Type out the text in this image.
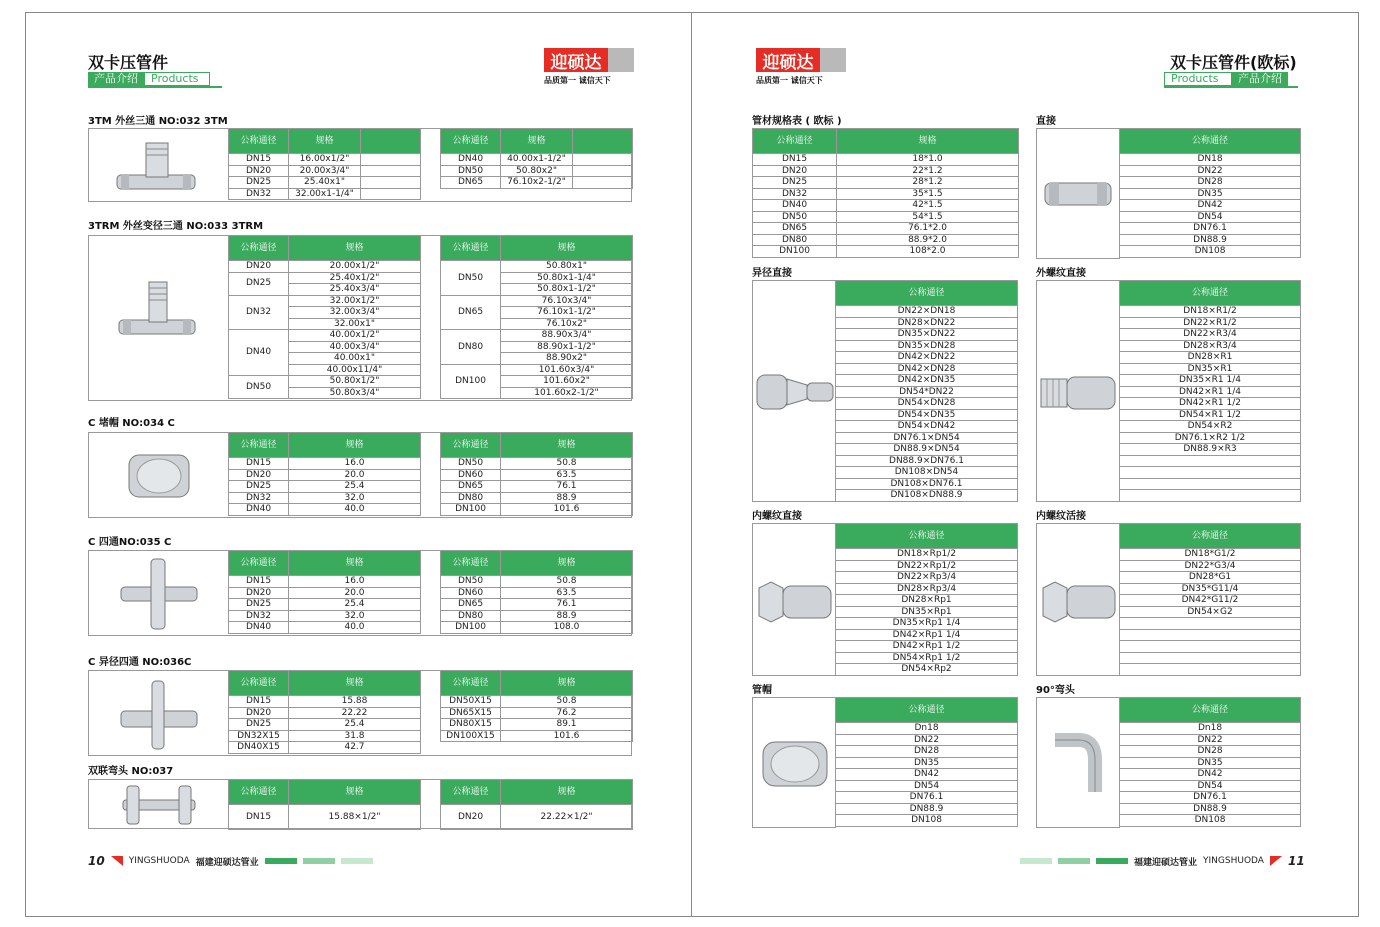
双卡压管件
产品介绍	Products
迎硕达
品质第一 诚信天下
3TM 外丝三通 NO:032 3TM
公称通径	规格	
DN15	16.00x1/2"	
DN20	20.00x3/4"	
DN25	25.40x1"	
DN32	32.00x1-1/4"	
公称通径	规格	
DN40	40.00x1-1/2"	
DN50	50.80x2"	
DN65	76.10x2-1/2"	
3TRM 外丝变径三通 NO:033 3TRM
公称通径	规格
DN20	20.00x1/2"
DN25	25.40x1/2"
	25.40x3/4"
DN32	32.00x1/2"
	32.00x3/4"
	32.00x1"
DN40	40.00x1/2"
	40.00x3/4"
	40.00x1"
	40.00x11/4"
DN50	50.80x1/2"
	50.80x3/4"
公称通径	规格
DN50	50.80x1"
	50.80x1-1/4"
	50.80x1-1/2"
DN65	76.10x3/4"
	76.10x1-1/2"
	76.10x2"
DN80	88.90x3/4"
	88.90x1-1/2"
	88.90x2"
DN100	101.60x3/4"
	101.60x2"
	101.60x2-1/2"
C 堵帽 NO:034 C
C 四通NO:035 C
C 异径四通 NO:036C
双联弯头 NO:037
公称通径	规格
DN15	16.0
DN20	20.0
DN25	25.4
DN32	32.0
DN40	40.0
公称通径	规格
DN50	50.8
DN60	63.5
DN65	76.1
DN80	88.9
DN100	101.6
公称通径	规格
DN15	16.0
DN20	20.0
DN25	25.4
DN32	32.0
DN40	40.0
公称通径	规格
DN50	50.8
DN60	63.5
DN65	76.1
DN80	88.9
DN100	108.0
公称通径	规格
DN15	15.88
DN20	22.22
DN25	25.4
DN32X15	31.8
DN40X15	42.7
公称通径	规格
DN50X15	50.8
DN65X15	76.2
DN80X15	89.1
DN100X15	101.6
公称通径	规格
DN15	15.88×1/2"
公称通径	规格
DN20	22.22×1/2"
10	YINGSHUODA 福建迎硕达管业
迎硕达
品质第一 诚信天下
双卡压管件(欧标)
Products	产品介绍
管材规格表 ( 欧标 )	直接
异径直接	外螺纹直接
内螺纹直接	内螺纹活接
管帽	90°弯头
公称通径	规格
DN15	18*1.0
DN20	22*1.2
DN25	28*1.2
DN32	35*1.5
DN40	42*1.5
DN50	54*1.5
DN65	76.1*2.0
DN80	88.9*2.0
DN100	108*2.0
公称通径
DN18
DN22
DN28
DN35
DN42
DN54
DN76.1
DN88.9
DN108
公称通径
DN22×DN18
DN28×DN22
DN35×DN22
DN35×DN28
DN42×DN22
DN42×DN28
DN42×DN35
DN54*DN22
DN54×DN28
DN54×DN35
DN54×DN42
DN76.1×DN54
DN88.9×DN54
DN88.9×DN76.1
DN108×DN54
DN108×DN76.1
DN108×DN88.9
公称通径
DN18×R1/2
DN22×R1/2
DN22×R3/4
DN28×R3/4
DN28×R1
DN35×R1
DN35×R1 1/4
DN42×R1 1/4
DN42×R1 1/2
DN54×R1 1/2
DN54×R2
DN76.1×R2 1/2
DN88.9×R3

公称通径
DN18×Rp1/2
DN22×Rp1/2
DN22×Rp3/4
DN28×Rp3/4
DN28×Rp1
DN35×Rp1
DN35×Rp1 1/4
DN42×Rp1 1/4
DN42×Rp1 1/2
DN54×Rp1 1/2
DN54×Rp2
公称通径
DN18*G1/2
DN22*G3/4
DN28*G1
DN35*G11/4
DN42*G11/2
DN54×G2

公称通径
Dn18
DN22
DN28
DN35
DN42
DN54
DN76.1
DN88.9
DN108
公称通径
Dn18
DN22
DN28
DN35
DN42
DN54
DN76.1
DN88.9
DN108
福建迎硕达管业 YINGSHUODA 11
